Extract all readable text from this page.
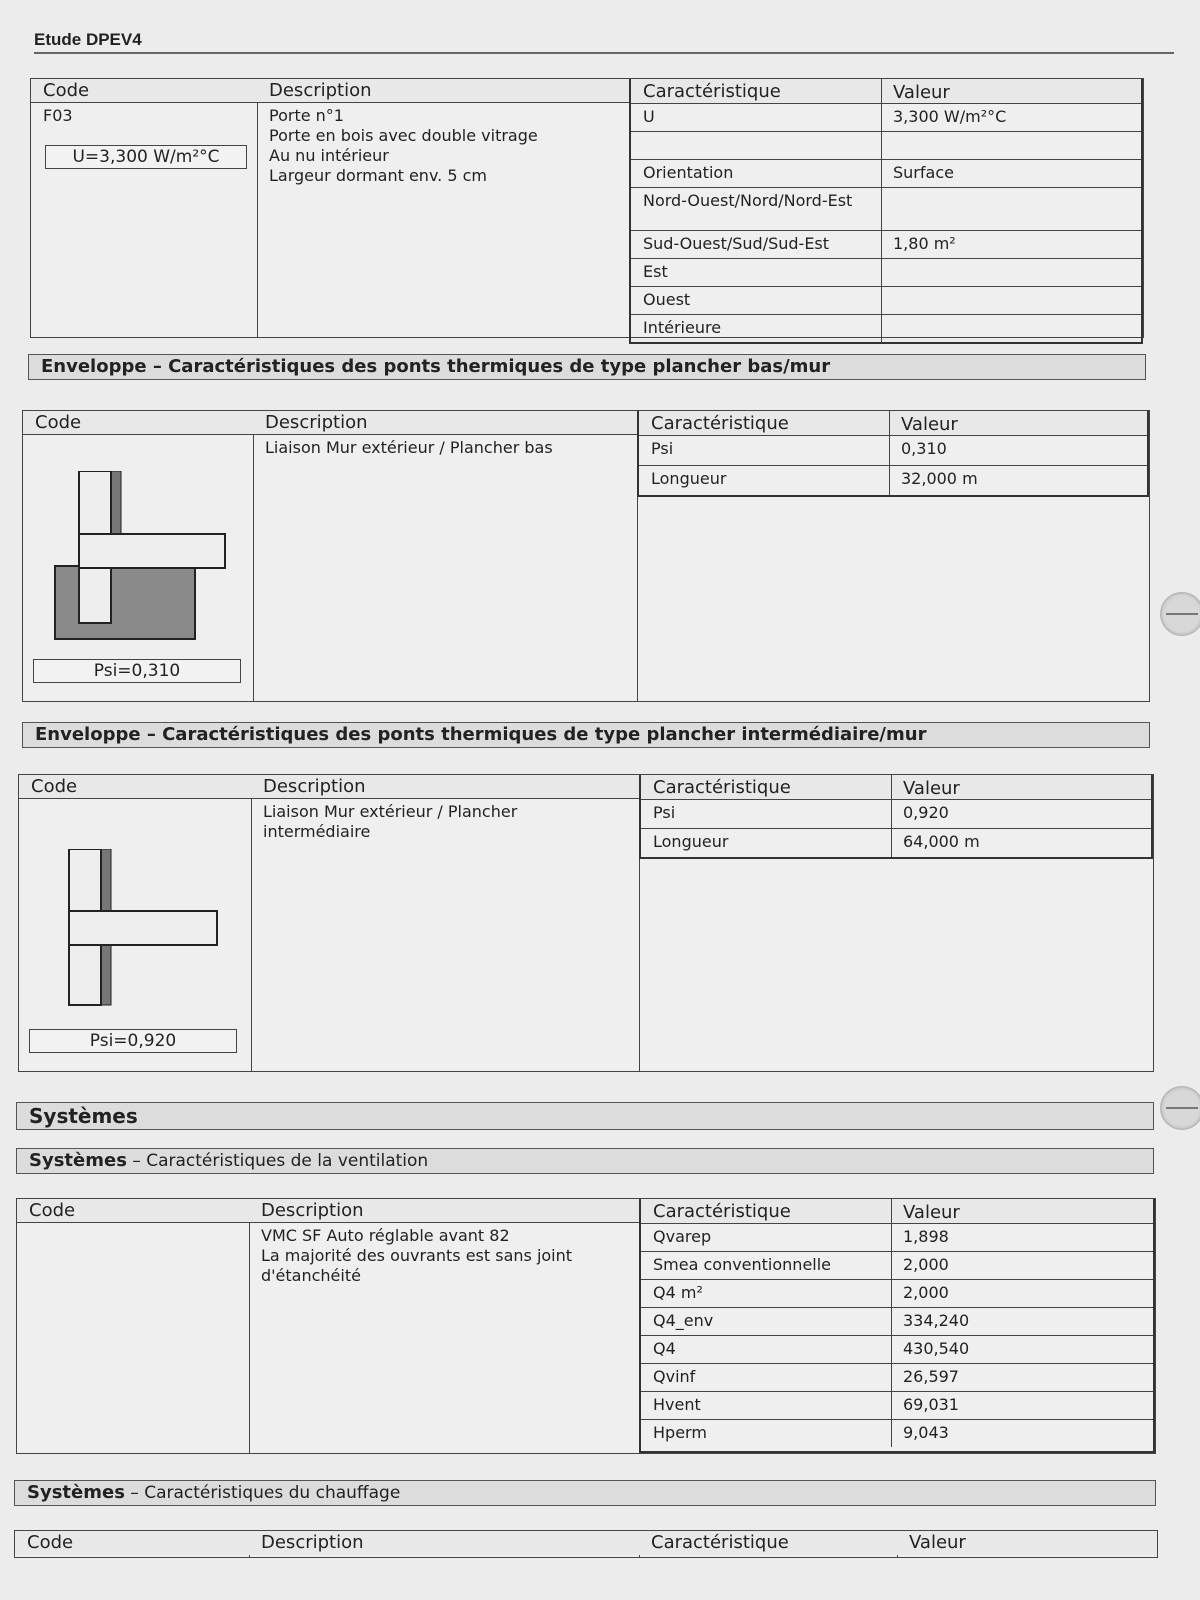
Etude DPEV4
Code
F03
U=3,300 W/m²°C
Description
Porte n°1
Porte en bois avec double vitrage
Au nu intérieur
Largeur dormant env. 5 cm
Caractéristique	Valeur
U	3,300 W/m²°C
Orientation	Surface
Nord-Ouest/Nord/Nord-Est
Sud-Ouest/Sud/Sud-Est	1,80 m²
Est
Ouest
Intérieure
Enveloppe – Caractéristiques des ponts thermiques de type plancher bas/mur
Code
Psi=0,310
Description
Liaison Mur extérieur / Plancher bas
Caractéristique	Valeur
Psi	0,310
Longueur	32,000 m
Enveloppe – Caractéristiques des ponts thermiques de type plancher intermédiaire/mur
Code
Psi=0,920
Description
Liaison Mur extérieur / Plancher
intermédiaire
Caractéristique	Valeur
Psi	0,920
Longueur	64,000 m
Systèmes
Systèmes – Caractéristiques de la ventilation
Code	Description
VMC SF Auto réglable avant 82
La majorité des ouvrants est sans joint
d'étanchéité
Caractéristique	Valeur
Qvarep	1,898
Smea conventionnelle	2,000
Q4 m²	2,000
Q4_env	334,240
Q4	430,540
Qvinf	26,597
Hvent	69,031
Hperm	9,043
Systèmes – Caractéristiques du chauffage
Code	Description	Caractéristique	Valeur
